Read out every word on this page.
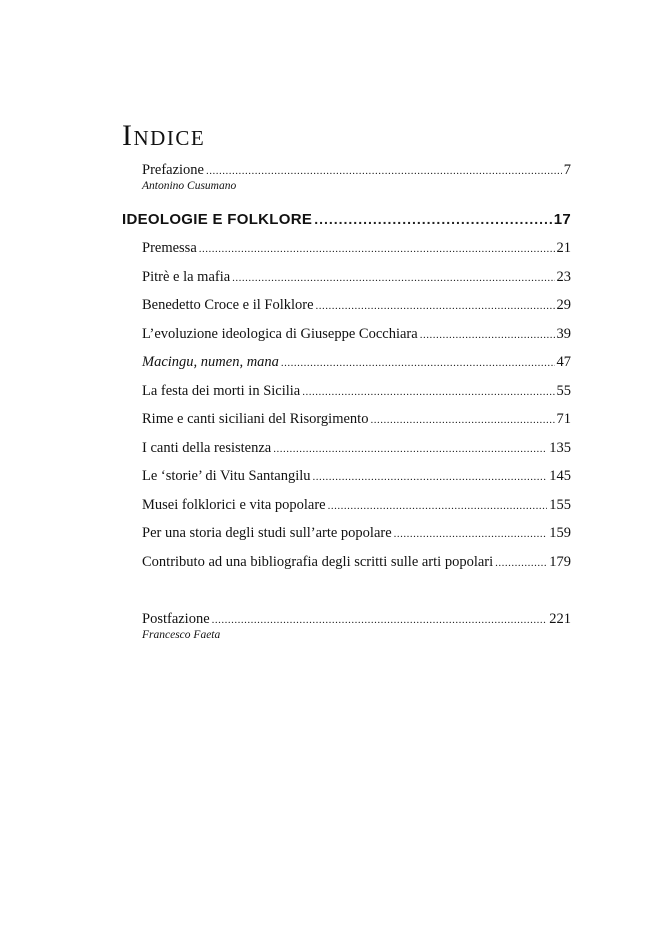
Indice
Prefazione .....	7
Antonino Cusumano
IDEOLOGIE E FOLKLORE .....	17
Premessa .....	21
Pitrè e la mafia .....	23
Benedetto Croce e il Folklore .....	29
L’evoluzione ideologica di Giuseppe Cocchiara .....	39
Macingu, numen, mana .....	47
La festa dei morti in Sicilia .....	55
Rime e canti siciliani del Risorgimento .....	71
I canti della resistenza .....	135
Le ‘storie’ di Vitu Santangilu .....	145
Musei folklorici e vita popolare .....	155
Per una storia degli studi sull’arte popolare .....	159
Contributo ad una bibliografia degli scritti sulle arti popolari .....	179
Postfazione .....	221
Francesco Faeta
